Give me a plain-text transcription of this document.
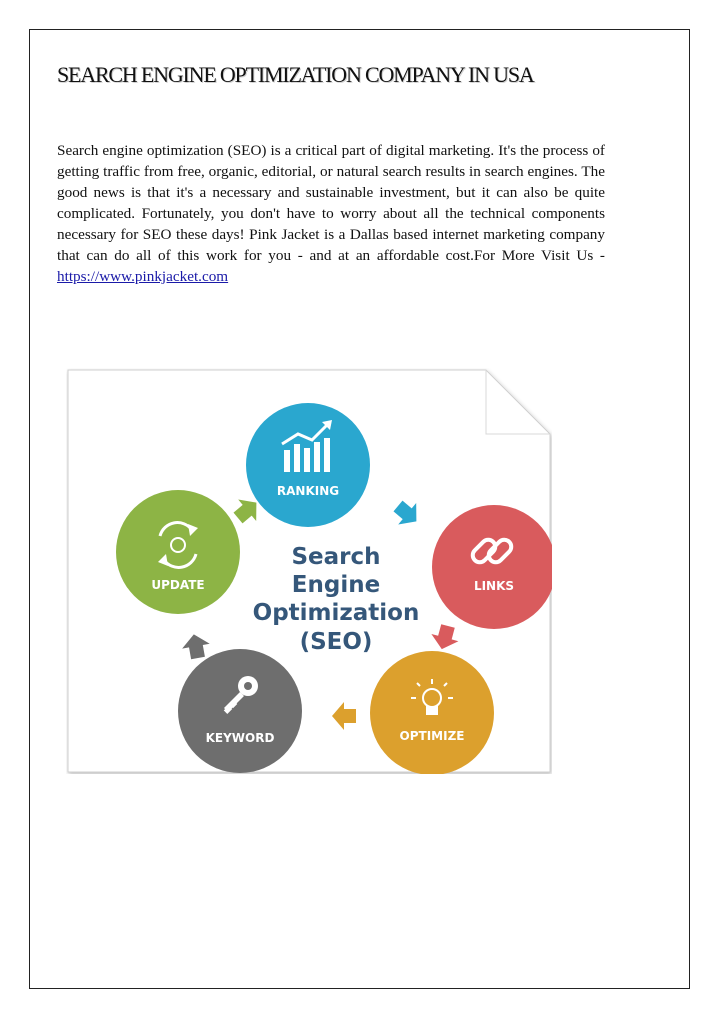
SEARCH ENGINE OPTIMIZATION COMPANY IN USA

Search engine optimization (SEO) is a critical part of digital marketing. It's the process of getting traffic from free, organic, editorial, or natural search results in search engines. The good news is that it's a necessary and sustainable investment, but it can also be quite complicated. Fortunately, you don't have to worry about all the technical components necessary for SEO these days! Pink Jacket is a Dallas based internet marketing company that can do all of this work for you - and at an affordable cost.For More Visit Us - https://www.pinkjacket.com

Search
Engine
Optimization
(SEO)
RANKING
LINKS
OPTIMIZE
KEYWORD
UPDATE
